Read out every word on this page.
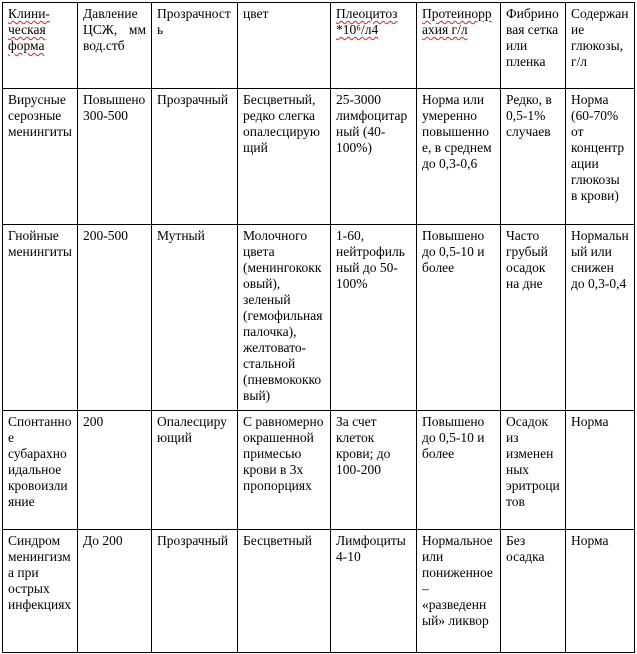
Клини-ческая форма	Давление ЦСЖ, мм вод.стб	Прозрачность	цвет	Плеоцитоз *10⁶/л4	Протеиноррахия г/л	Фибриновая сетка или пленка	Содержание глюкозы, г/л
Вирусные серозные менингиты	Повышено 300-500	Прозрачный	Бесцветный, редко слегка опалесцирующий	25-3000 лимфоцитарный (40-100%)	Норма или умеренно повышенное, в среднем до 0,3-0,6	Редко, в 0,5-1% случаев	Норма (60-70% от концентрации глюкозы в крови)
Гнойные менингиты	200-500	Мутный	Молочного цвета (менингококковый), зеленый (гемофильная палочка), желтовато-стальной (пневмококковый)	1-60, нейтрофильный до 50-100%	Повышено до 0,5-10 и более	Часто грубый осадок на дне	Нормальный или снижен до 0,3-0,4
Спонтанное субарахноидальное кровоизлияние	200	Опалесцирующий	С равномерно окрашенной примесью крови в 3х пропорциях	За счет клеток крови; до 100-200	Повышено до 0,5-10 и более	Осадок из измененных эритроцитов	Норма
Синдром менингизма при острых инфекциях	До 200	Прозрачный	Бесцветный	Лимфоциты 4-10	Нормальное или пониженное – «разведенный» ликвор	Без осадка	Норма
